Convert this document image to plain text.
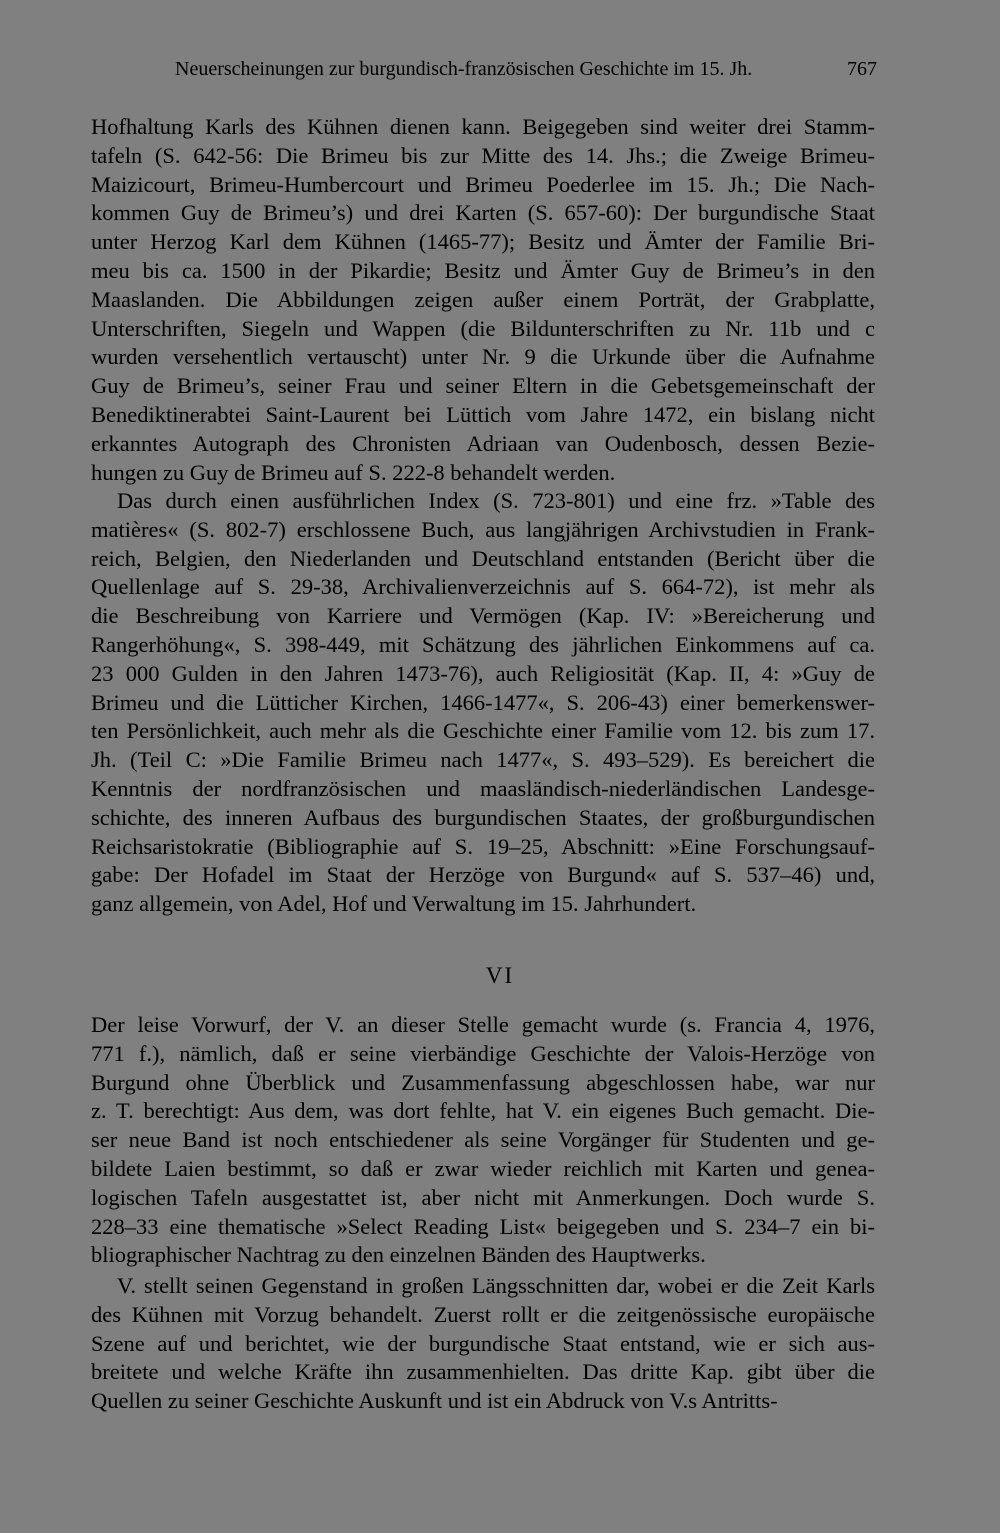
Neuerscheinungen zur burgundisch-französischen Geschichte im 15. Jh.	767
Hofhaltung Karls des Kühnen dienen kann. Beigegeben sind weiter drei Stamm-
tafeln (S. 642-56: Die Brimeu bis zur Mitte des 14. Jhs.; die Zweige Brimeu-
Maizicourt, Brimeu-Humbercourt und Brimeu Poederlee im 15. Jh.; Die Nach-
kommen Guy de Brimeu’s) und drei Karten (S. 657-60): Der burgundische Staat
unter Herzog Karl dem Kühnen (1465-77); Besitz und Ämter der Familie Bri-
meu bis ca. 1500 in der Pikardie; Besitz und Ämter Guy de Brimeu’s in den
Maaslanden. Die Abbildungen zeigen außer einem Porträt, der Grabplatte,
Unterschriften, Siegeln und Wappen (die Bildunterschriften zu Nr. 11b und c
wurden versehentlich vertauscht) unter Nr. 9 die Urkunde über die Aufnahme
Guy de Brimeu’s, seiner Frau und seiner Eltern in die Gebetsgemeinschaft der
Benediktinerabtei Saint-Laurent bei Lüttich vom Jahre 1472, ein bislang nicht
erkanntes Autograph des Chronisten Adriaan van Oudenbosch, dessen Bezie-
hungen zu Guy de Brimeu auf S. 222-8 behandelt werden.
Das durch einen ausführlichen Index (S. 723-801) und eine frz. »Table des
matières« (S. 802-7) erschlossene Buch, aus langjährigen Archivstudien in Frank-
reich, Belgien, den Niederlanden und Deutschland entstanden (Bericht über die
Quellenlage auf S. 29-38, Archivalienverzeichnis auf S. 664-72), ist mehr als
die Beschreibung von Karriere und Vermögen (Kap. IV: »Bereicherung und
Rangerhöhung«, S. 398-449, mit Schätzung des jährlichen Einkommens auf ca.
23 000 Gulden in den Jahren 1473-76), auch Religiosität (Kap. II, 4: »Guy de
Brimeu und die Lütticher Kirchen, 1466-1477«, S. 206-43) einer bemerkenswer-
ten Persönlichkeit, auch mehr als die Geschichte einer Familie vom 12. bis zum 17.
Jh. (Teil C: »Die Familie Brimeu nach 1477«, S. 493–529). Es bereichert die
Kenntnis der nordfranzösischen und maasländisch-niederländischen Landesge-
schichte, des inneren Aufbaus des burgundischen Staates, der großburgundischen
Reichsaristokratie (Bibliographie auf S. 19–25, Abschnitt: »Eine Forschungsauf-
gabe: Der Hofadel im Staat der Herzöge von Burgund« auf S. 537–46) und,
ganz allgemein, von Adel, Hof und Verwaltung im 15. Jahrhundert.
VI
Der leise Vorwurf, der V. an dieser Stelle gemacht wurde (s. Francia 4, 1976,
771 f.), nämlich, daß er seine vierbändige Geschichte der Valois-Herzöge von
Burgund ohne Überblick und Zusammenfassung abgeschlossen habe, war nur
z. T. berechtigt: Aus dem, was dort fehlte, hat V. ein eigenes Buch gemacht. Die-
ser neue Band ist noch entschiedener als seine Vorgänger für Studenten und ge-
bildete Laien bestimmt, so daß er zwar wieder reichlich mit Karten und genea-
logischen Tafeln ausgestattet ist, aber nicht mit Anmerkungen. Doch wurde S.
228–33 eine thematische »Select Reading List« beigegeben und S. 234–7 ein bi-
bliographischer Nachtrag zu den einzelnen Bänden des Hauptwerks.
V. stellt seinen Gegenstand in großen Längsschnitten dar, wobei er die Zeit Karls
des Kühnen mit Vorzug behandelt. Zuerst rollt er die zeitgenössische europäische
Szene auf und berichtet, wie der burgundische Staat entstand, wie er sich aus-
breitete und welche Kräfte ihn zusammenhielten. Das dritte Kap. gibt über die
Quellen zu seiner Geschichte Auskunft und ist ein Abdruck von V.s Antritts-
